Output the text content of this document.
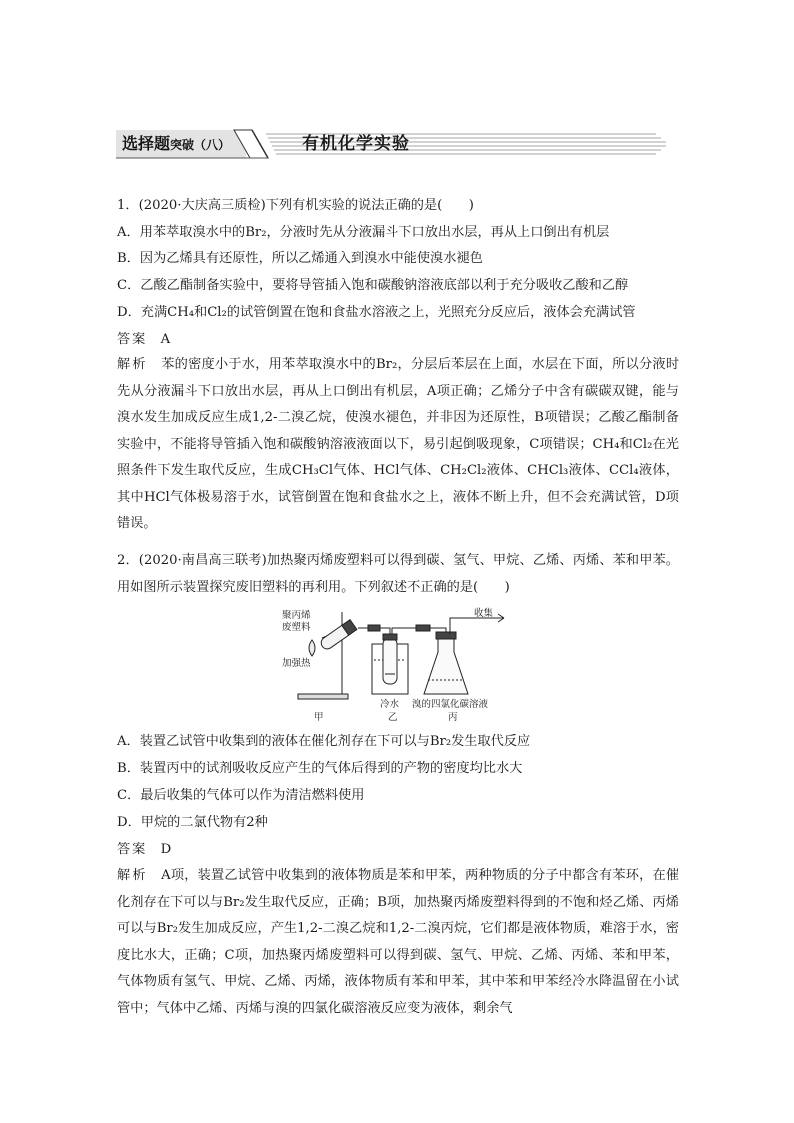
选择题突破（八）	有机化学实验
1．(2020·大庆高三质检)下列有机实验的说法正确的是(　　)
A．用苯萃取溴水中的Br₂，分液时先从分液漏斗下口放出水层，再从上口倒出有机层
B．因为乙烯具有还原性，所以乙烯通入到溴水中能使溴水褪色
C．乙酸乙酯制备实验中，要将导管插入饱和碳酸钠溶液底部以利于充分吸收乙酸和乙醇
D．充满CH₄和Cl₂的试管倒置在饱和食盐水溶液之上，光照充分反应后，液体会充满试管
答案　 A
解析　 苯的密度小于水，用苯萃取溴水中的Br₂，分层后苯层在上面，水层在下面，所以分液时先从分液漏斗下口放出水层，再从上口倒出有机层，A项正确；乙烯分子中含有碳碳双键，能与溴水发生加成反应生成1,2-二溴乙烷，使溴水褪色，并非因为还原性，B项错误；乙酸乙酯制备实验中，不能将导管插入饱和碳酸钠溶液液面以下，易引起倒吸现象，C项错误；CH₄和Cl₂在光照条件下发生取代反应，生成CH₃Cl气体、HCl气体、CH₂Cl₂液体、CHCl₃液体、CCl₄液体，其中HCl气体极易溶于水，试管倒置在饱和食盐水之上，液体不断上升，但不会充满试管，D项错误。
2．(2020·南昌高三联考)加热聚丙烯废塑料可以得到碳、氢气、甲烷、乙烯、丙烯、苯和甲苯。用如图所示装置探究废旧塑料的再利用。下列叙述不正确的是(　　)
聚丙烯
废塑料
加强热
收集
冷水 溴的四氯化碳溶液
甲	乙	丙
A．装置乙试管中收集到的液体在催化剂存在下可以与Br₂发生取代反应
B．装置丙中的试剂吸收反应产生的气体后得到的产物的密度均比水大
C．最后收集的气体可以作为清洁燃料使用
D．甲烷的二氯代物有2种
答案　 D
解析　 A项，装置乙试管中收集到的液体物质是苯和甲苯，两种物质的分子中都含有苯环，在催化剂存在下可以与Br₂发生取代反应，正确；B项，加热聚丙烯废塑料得到的不饱和烃乙烯、丙烯可以与Br₂发生加成反应，产生1,2-二溴乙烷和1,2-二溴丙烷，它们都是液体物质，难溶于水，密度比水大，正确；C项，加热聚丙烯废塑料可以得到碳、氢气、甲烷、乙烯、丙烯、苯和甲苯，气体物质有氢气、甲烷、乙烯、丙烯，液体物质有苯和甲苯，其中苯和甲苯经冷水降温留在小试管中；气体中乙烯、丙烯与溴的四氯化碳溶液反应变为液体，剩余气
